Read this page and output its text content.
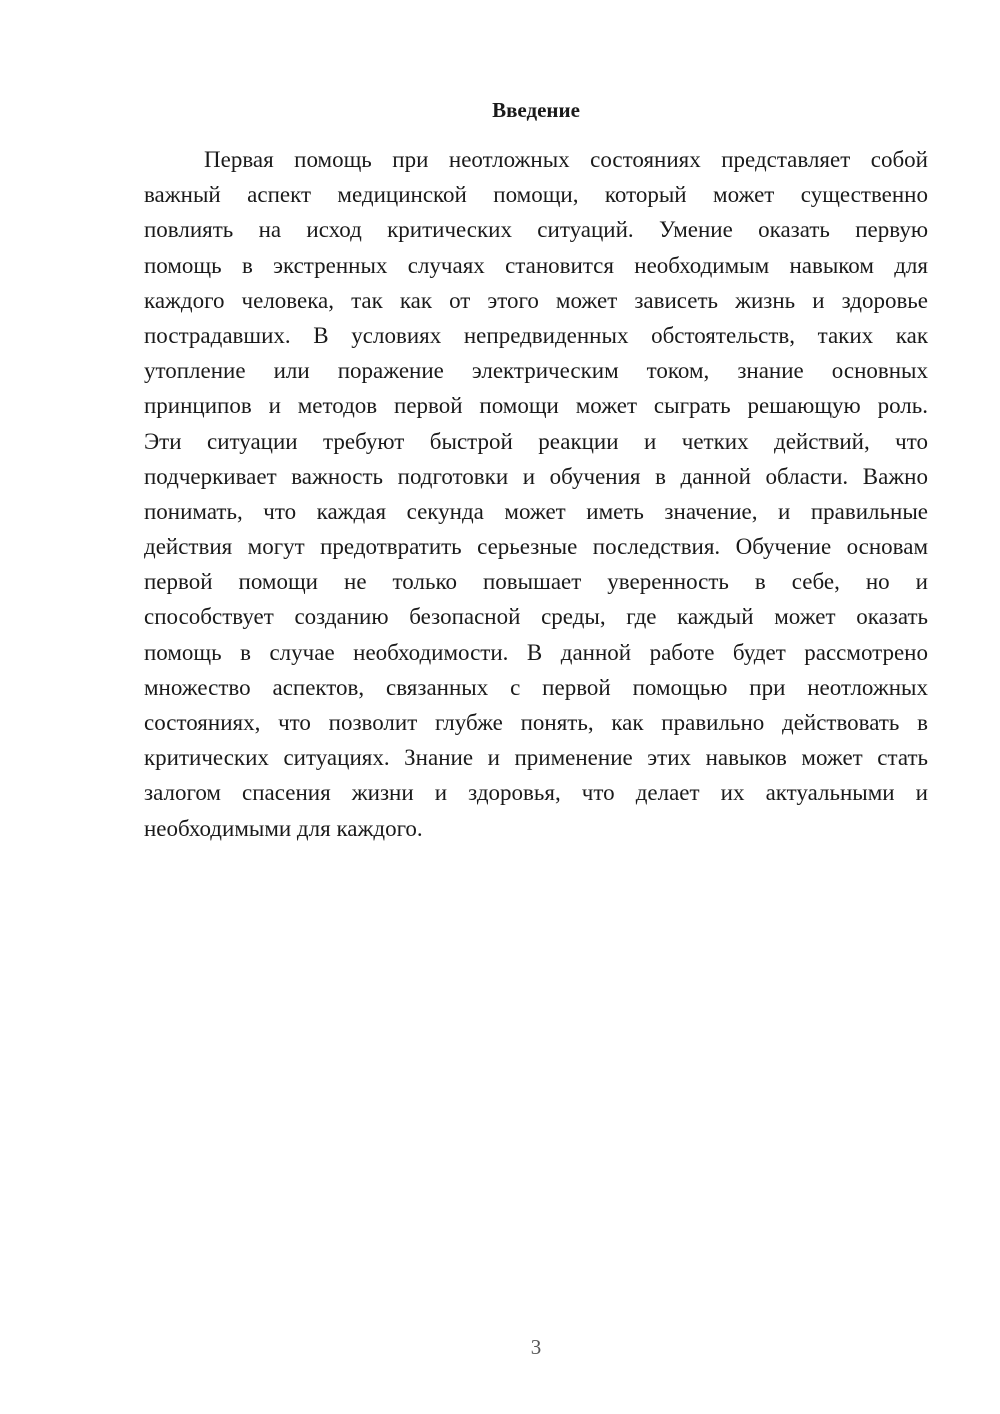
Введение
Первая помощь при неотложных состояниях представляет собой
важный аспект медицинской помощи, который может существенно
повлиять на исход критических ситуаций. Умение оказать первую
помощь в экстренных случаях становится необходимым навыком для
каждого человека, так как от этого может зависеть жизнь и здоровье
пострадавших. В условиях непредвиденных обстоятельств, таких как
утопление или поражение электрическим током, знание основных
принципов и методов первой помощи может сыграть решающую роль.
Эти ситуации требуют быстрой реакции и четких действий, что
подчеркивает важность подготовки и обучения в данной области. Важно
понимать, что каждая секунда может иметь значение, и правильные
действия могут предотвратить серьезные последствия. Обучение основам
первой помощи не только повышает уверенность в себе, но и
способствует созданию безопасной среды, где каждый может оказать
помощь в случае необходимости. В данной работе будет рассмотрено
множество аспектов, связанных с первой помощью при неотложных
состояниях, что позволит глубже понять, как правильно действовать в
критических ситуациях. Знание и применение этих навыков может стать
залогом спасения жизни и здоровья, что делает их актуальными и
необходимыми для каждого.
3
